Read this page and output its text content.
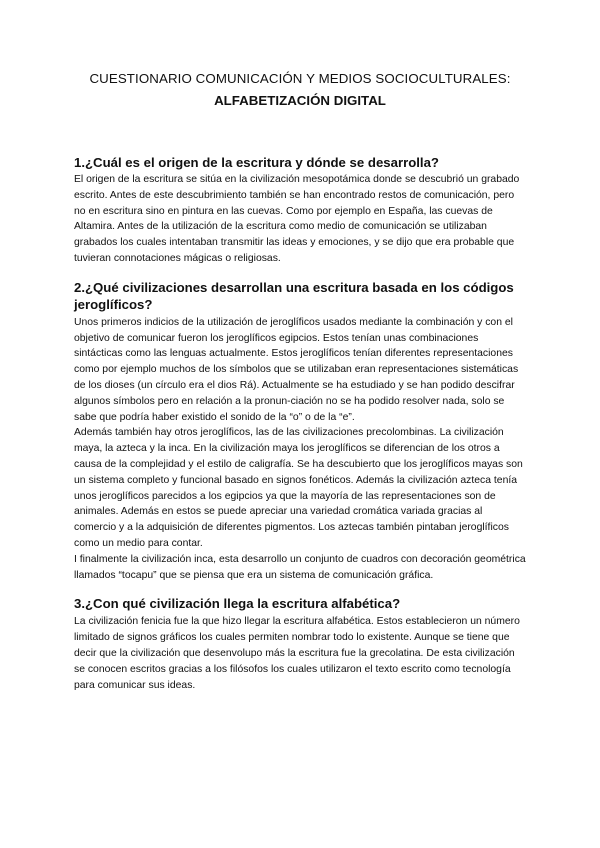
CUESTIONARIO COMUNICACIÓN Y MEDIOS SOCIOCULTURALES:
ALFABETIZACIÓN DIGITAL
1.¿Cuál es el origen de la escritura y dónde se desarrolla?

El origen de la escritura se sitúa en la civilización mesopotámica donde se descubrió un grabado escrito. Antes de este descubrimiento también se han encontrado restos de comunicación, pero no en escritura sino en pintura en las cuevas. Como por ejemplo en España, las cuevas de Altamira. Antes de la utilización de la escritura como medio de comunicación se utilizaban grabados los cuales intentaban transmitir las ideas y emociones, y se dijo que era probable que tuvieran connotaciones mágicas o religiosas.

2.¿Qué civilizaciones desarrollan una escritura basada en los códigos jeroglíficos?

Unos primeros indicios de la utilización de jeroglíficos usados mediante la combinación y con el objetivo de comunicar fueron los jeroglíficos egipcios. Estos tenían unas combinaciones sintácticas como las lenguas actualmente. Estos jeroglíficos tenían diferentes representaciones como por ejemplo muchos de los símbolos que se utilizaban eran representaciones sistemáticas de los dioses (un círculo era el dios Rá). Actualmente se ha estudiado y se han podido descifrar algunos símbolos pero en relación a la pronun-ciación no se ha podido resolver nada, solo se sabe que podría haber existido el sonido de la “o” o de la “e”.

Además también hay otros jeroglíficos, las de las civilizaciones precolombinas. La civilización maya, la azteca y la inca. En la civilización maya los jeroglíficos se diferencian de los otros a causa de la complejidad y el estilo de caligrafía. Se ha descubierto que los jeroglíficos mayas son un sistema completo y funcional basado en signos fonéticos. Además la civilización azteca tenía unos jeroglíficos parecidos a los egipcios ya que la mayoría de las representaciones son de animales. Además en estos se puede apreciar una variedad cromática variada gracias al comercio y a la adquisición de diferentes pigmentos. Los aztecas también pintaban jeroglíficos como un medio para contar.

I finalmente la civilización inca, esta desarrollo un conjunto de cuadros con decoración geométrica llamados “tocapu” que se piensa que era un sistema de comunicación gráfica.

3.¿Con qué civilización llega la escritura alfabética?

La civilización fenicia fue la que hizo llegar la escritura alfabética. Estos establecieron un número limitado de signos gráficos los cuales permiten nombrar todo lo existente. Aunque se tiene que decir que la civilización que desenvolupo más la escritura fue la grecolatina. De esta civilización se conocen escritos gracias a los filósofos los cuales utilizaron el texto escrito como tecnología para comunicar sus ideas.
